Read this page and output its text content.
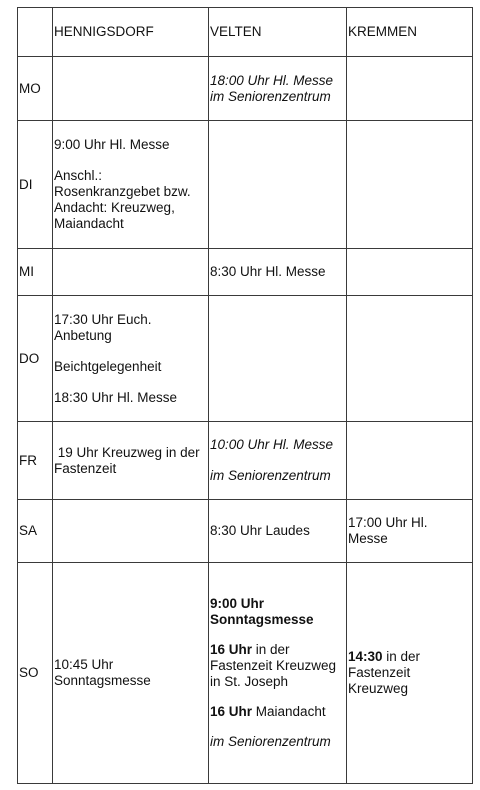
	HENNIGSDORF	VELTEN	KREMMEN
MO		18:00 Uhr Hl. Messe
im Seniorenzentrum	
DI	9:00 Uhr Hl. Messe

Anschl.: Rosenkranzgebet bzw. Andacht: Kreuzweg, Maiandacht		

MI		8:30 Uhr Hl. Messe	
DO	17:30 Uhr Euch. Anbetung

Beichtgelegenheit

18:30 Uhr Hl. Messe		

FR	19 Uhr Kreuzweg in der Fastenzeit	10:00 Uhr Hl. Messe

im Seniorenzentrum	

SA		8:30 Uhr Laudes	17:00 Uhr Hl. Messe
SO	10:45 Uhr Sonntagsmesse	9:00 Uhr Sonntagsmesse

16 Uhr in der Fastenzeit Kreuzweg in St. Joseph

16 Uhr Maiandacht

im Seniorenzentrum	14:30 in der Fastenzeit Kreuzweg
